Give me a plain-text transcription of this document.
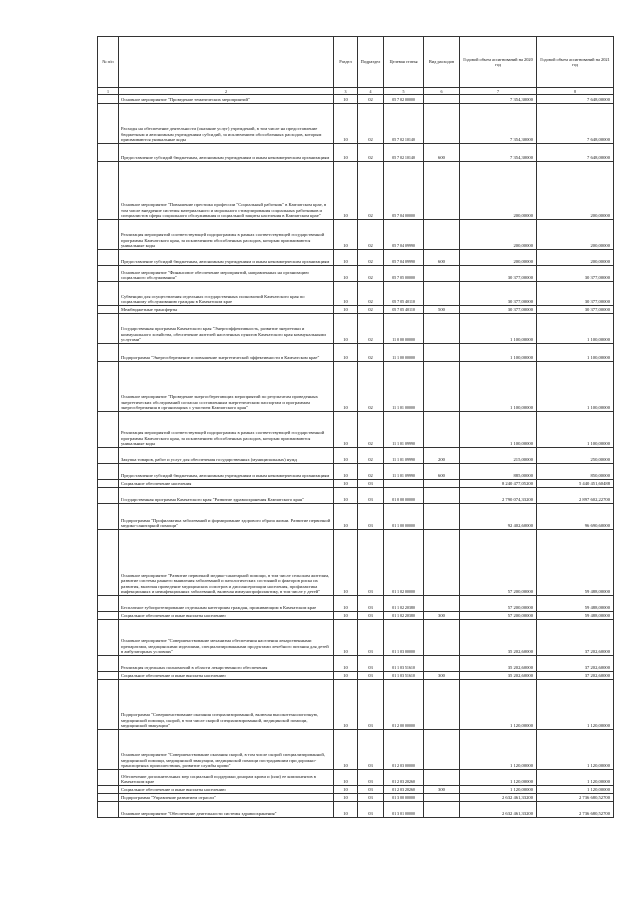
№ п/п		Раздел	Подраздел	Целевая статья	Вид расходов	Годовой объем ассигнований на 2020 год	Годовой объем ассигнований на 2021 год
1	2	3	4	5	6	7	8
	Основное мероприятие "Проведение тематических мероприятий"	10	02	05 7 02 00000		7 354,30000	7 648,00000
	Расходы на обеспечение деятельности (оказание услуг) учреждений, в том числе на предоставление бюджетным и автономным учреждениям субсидий, за исключением обособленных расходов, которым присваиваются уникальные коды	10	02	05 7 02 10140		7 354,30000	7 648,00000
	Предоставление субсидий бюджетным, автономным учреждениям и иным некоммерческим организациям	10	02	05 7 02 10140	600	7 354,30000	7 648,00000
	Основное мероприятие "Повышение престижа профессии "Социальный работник" в Камчатском крае, в том числе внедрение системы материального и морального стимулирования социальных работников и специалистов сферы социального обслуживания и социальной защиты населения в Камчатском крае"	10	02	05 7 04 00000		200,00000	200,00000
	Реализация мероприятий соответствующей подпрограммы в рамках соответствующей государственной программы Камчатского края, за исключением обособленных расходов, которым присваиваются уникальные коды	10	02	05 7 04 09990		200,00000	200,00000
	Предоставление субсидий бюджетным, автономным учреждениям и иным некоммерческим организациям	10	02	05 7 04 09990	600	200,00000	200,00000
	Основное мероприятие "Финансовое обеспечение мероприятий, направленных на организацию социального обслуживания"	10	02	05 7 05 00000		30 377,00000	30 377,00000
	Субвенции для осуществления отдельных государственных полномочий Камчатского края по социальному обслуживанию граждан в Камчатском крае	10	02	05 7 05 40110		30 377,00000	30 377,00000
	Межбюджетные трансферты	10	02	05 7 05 40110	500	30 377,00000	30 377,00000
	Государственная программа Камчатского края "Энергоэффективность, развитие энергетики и коммунального хозяйства, обеспечение жителей населенных пунктов Камчатского края коммунальными услугами"	10	02	11 0 00 00000		1 100,00000	1 100,00000
	Подпрограмма "Энергосбережение и повышение энергетической эффективности в Камчатском крае"	10	02	11 1 00 00000		1 100,00000	1 100,00000
	Основное мероприятие "Проведение энергосберегающих мероприятий по результатам проведенных энергетических обследований согласно составленным энергетическим паспортам и программам энергосбережения в организациях с участием Камчатского края"	10	02	11 1 01 00000		1 100,00000	1 100,00000
	Реализация мероприятий соответствующей подпрограммы в рамках соответствующей государственной программы Камчатского края, за исключением обособленных расходов, которым присваиваются уникальные коды	10	02	11 1 01 09990		1 100,00000	1 100,00000
	Закупка товаров, работ и услуг для обеспечения государственных (муниципальных) нужд	10	02	11 1 01 09990	200	215,00000	250,00000
	Предоставление субсидий бюджетным, автономным учреждениям и иным некоммерческим организациям	10	02	11 1 01 09990	600	885,00000	850,00000
	Социальное обеспечение населения	10	03			8 240 477,05200	5 440 451,60488
	Государственная программа Камчатского края "Развитие здравоохранения Камчатского края"	10	03	01 0 00 00000		2 790 074,33200	2 897 602,22700
	Подпрограмма "Профилактика заболеваний и формирование здорового образа жизни. Развитие первичной медико-санитарной помощи"	10	03	01 1 00 00000		92 402,60000	96 690,60000
	Основное мероприятие "Развитие первичной медико-санитарной помощи, в том числе сельским жителям, развитие системы раннего выявления заболеваний и патологических состояний и факторов риска их развития, включая проведение медицинских осмотров и диспансеризации населения, профилактика инфекционных и неинфекционных заболеваний, включая иммунопрофилактику, в том числе у детей"	10	03	01 1 02 00000		57 200,00000	59 488,00000
	Бесплатное зубопротезирование отдельным категориям граждан, проживающим в Камчатском крае	10	03	01 1 02 20380		57 200,00000	59 488,00000
	Социальное обеспечение и иные выплаты населению	10	03	01 1 02 20380	300	57 200,00000	59 488,00000
	Основное мероприятие "Совершенствование механизма обеспечения населения лекарственными препаратами, медицинскими изделиями, специализированными продуктами лечебного питания для детей в амбулаторных условиях"	10	03	01 1 03 00000		35 202,60000	37 202,60000
	Реализация отдельных полномочий в области лекарственного обеспечения	10	03	01 1 03 51610		35 202,60000	37 202,60000
	Социальное обеспечение и иные выплаты населению	10	03	01 1 03 51610	300	35 202,60000	37 202,60000
	Подпрограмма "Совершенствование оказания специализированной, включая высокотехнологичную, медицинской помощи, скорой, в том числе скорой специализированной, медицинской помощи, медицинской эвакуации"	10	03	01 2 00 00000		1 120,00000	1 120,00000
	Основное мероприятие "Совершенствование оказания скорой, в том числе скорой специализированной, медицинской помощи, медицинской эвакуации, медицинской помощи пострадавшим при дорожно-транспортных происшествиях, развитие службы крови"	10	03	01 2 03 00000		1 120,00000	1 120,00000
	Обеспечение дополнительных мер социальной поддержки донорам крови и (или) ее компонентов в Камчатском крае	10	03	01 2 03 20260		1 120,00000	1 120,00000
	Социальное обеспечение и иные выплаты населению	10	03	01 2 03 20260	300	1 120,00000	1 120,00000
	Подпрограмма "Управление развитием отрасли"	10	03	01 3 00 00000		2 632 461,33200	2 736 680,52700
	Основное мероприятие "Обеспечение деятельности системы здравоохранения"	10	03	01 3 01 00000		2 632 461,33200	2 736 680,52700
